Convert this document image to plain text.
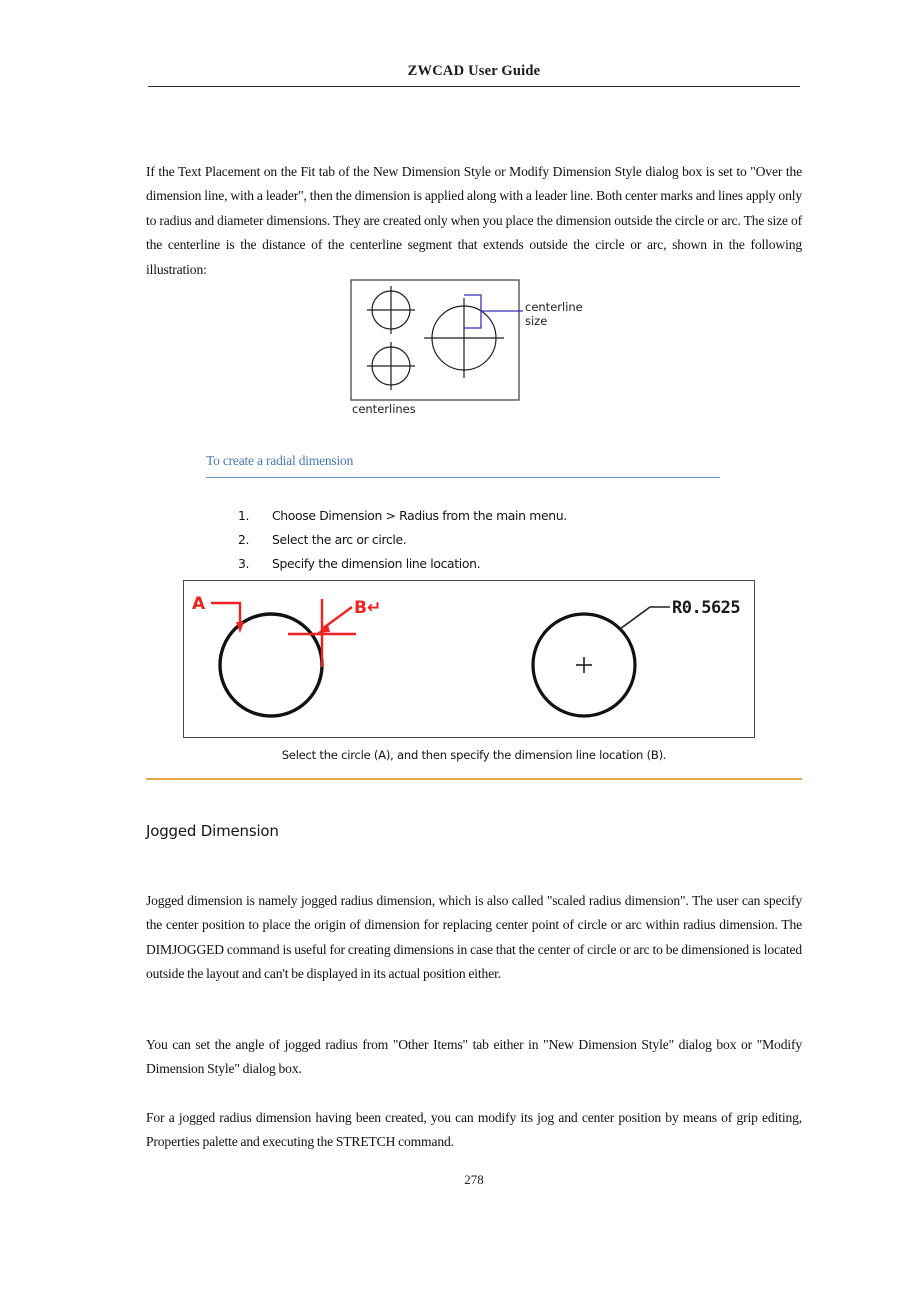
ZWCAD User Guide

If the Text Placement on the Fit tab of the New Dimension Style or Modify Dimension Style dialog box is set to "Over the dimension line, with a leader", then the dimension is applied along with a leader line. Both center marks and lines apply only to radius and diameter dimensions. They are created only when you place the dimension outside the circle or arc. The size of the centerline is the distance of the centerline segment that extends outside the circle or arc, shown in the following illustration:

centerline
size
centerlines
To create a radial dimension
1.	Choose Dimension > Radius from the main menu.
2.	Select the arc or circle.
3.	Specify the dimension line location.
A	B↵	R0.5625
Select the circle (A), and then specify the dimension line location (B).
Jogged Dimension

Jogged dimension is namely jogged radius dimension, which is also called "scaled radius dimension". The user can specify the center position to place the origin of dimension for replacing center point of circle or arc within radius dimension. The DIMJOGGED command is useful for creating dimensions in case that the center of circle or arc to be dimensioned is located outside the layout and can't be displayed in its actual position either.

You can set the angle of jogged radius from "Other Items" tab either in "New Dimension Style" dialog box or "Modify Dimension Style" dialog box.

For a jogged radius dimension having been created, you can modify its jog and center position by means of grip editing, Properties palette and executing the STRETCH command.

278
